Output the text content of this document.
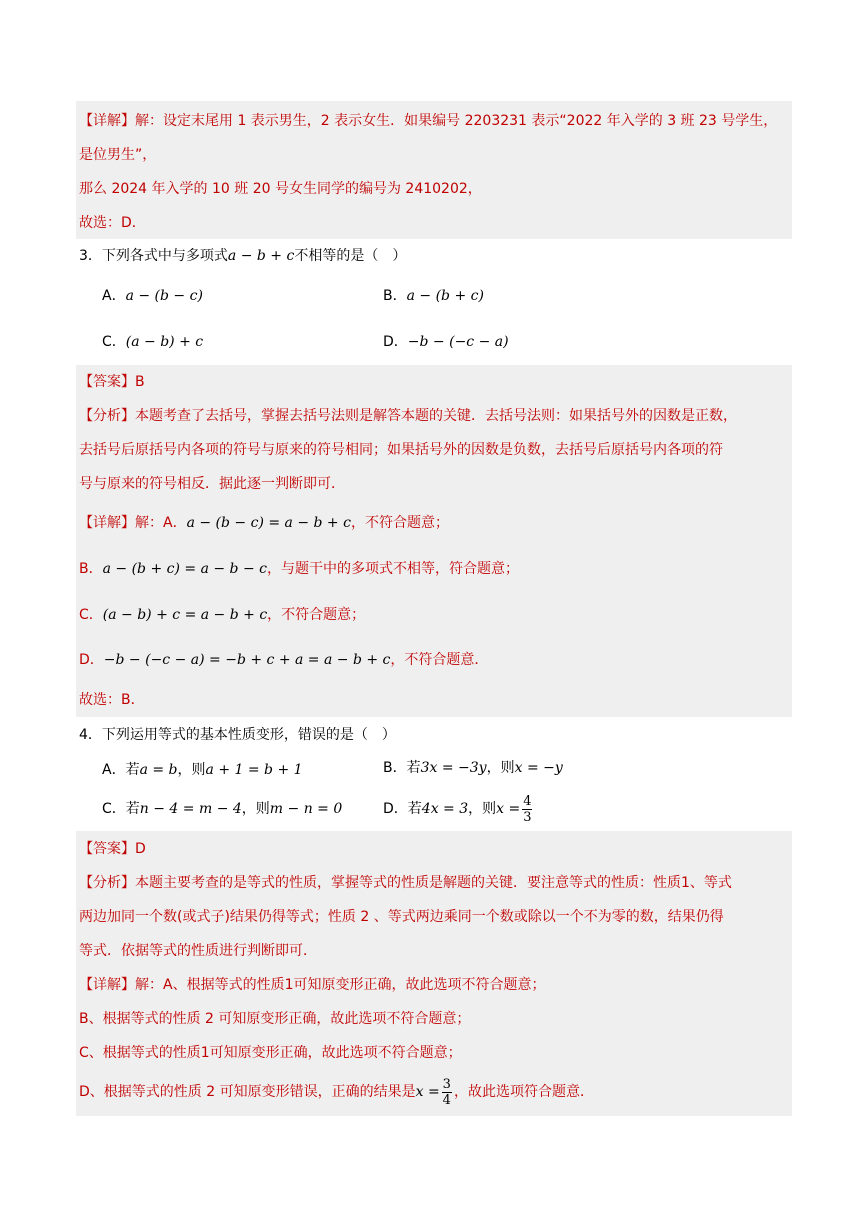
【详解】解：设定末尾用 1 表示男生，2 表示女生．如果编号 2203231 表示“2022 年入学的 3 班 23 号学生，
是位男生”，
那么 2024 年入学的 10 班 20 号女生同学的编号为 2410202，
故选：D．
3．下列各式中与多项式a − b + c不相等的是（　）
A．a − (b − c)	B．a − (b + c)
C．(a − b) + c	D．−b − (−c − a)
【答案】B
【分析】本题考查了去括号，掌握去括号法则是解答本题的关键．去括号法则：如果括号外的因数是正数，
去括号后原括号内各项的符号与原来的符号相同；如果括号外的因数是负数，去括号后原括号内各项的符
号与原来的符号相反．据此逐一判断即可．
【详解】解：A．a − (b − c) = a − b + c，不符合题意；
B．a − (b + c) = a − b − c，与题干中的多项式不相等，符合题意；
C．(a − b) + c = a − b + c，不符合题意；
D．−b − (−c − a) = −b + c + a = a − b + c，不符合题意．
故选：B．
4．下列运用等式的基本性质变形，错误的是（　）
A．若a = b，则a + 1 = b + 1	B．若3x = −3y，则x = −y
C．若n − 4 = m − 4，则m − n = 0	D．若4x = 3，则$x = \frac{4}{3}$
【答案】D
【分析】本题主要考查的是等式的性质，掌握等式的性质是解题的关键．要注意等式的性质：性质1、等式
两边加同一个数(或式子)结果仍得等式；性质 2 、等式两边乘同一个数或除以一个不为零的数，结果仍得
等式．依据等式的性质进行判断即可．
【详解】解：A、根据等式的性质1可知原变形正确，故此选项不符合题意；
B、根据等式的性质 2 可知原变形正确，故此选项不符合题意；
C、根据等式的性质1可知原变形正确，故此选项不符合题意；
D、根据等式的性质 2 可知原变形错误，正确的结果是$x = \frac{3}{4}$ ，故此选项符合题意．
